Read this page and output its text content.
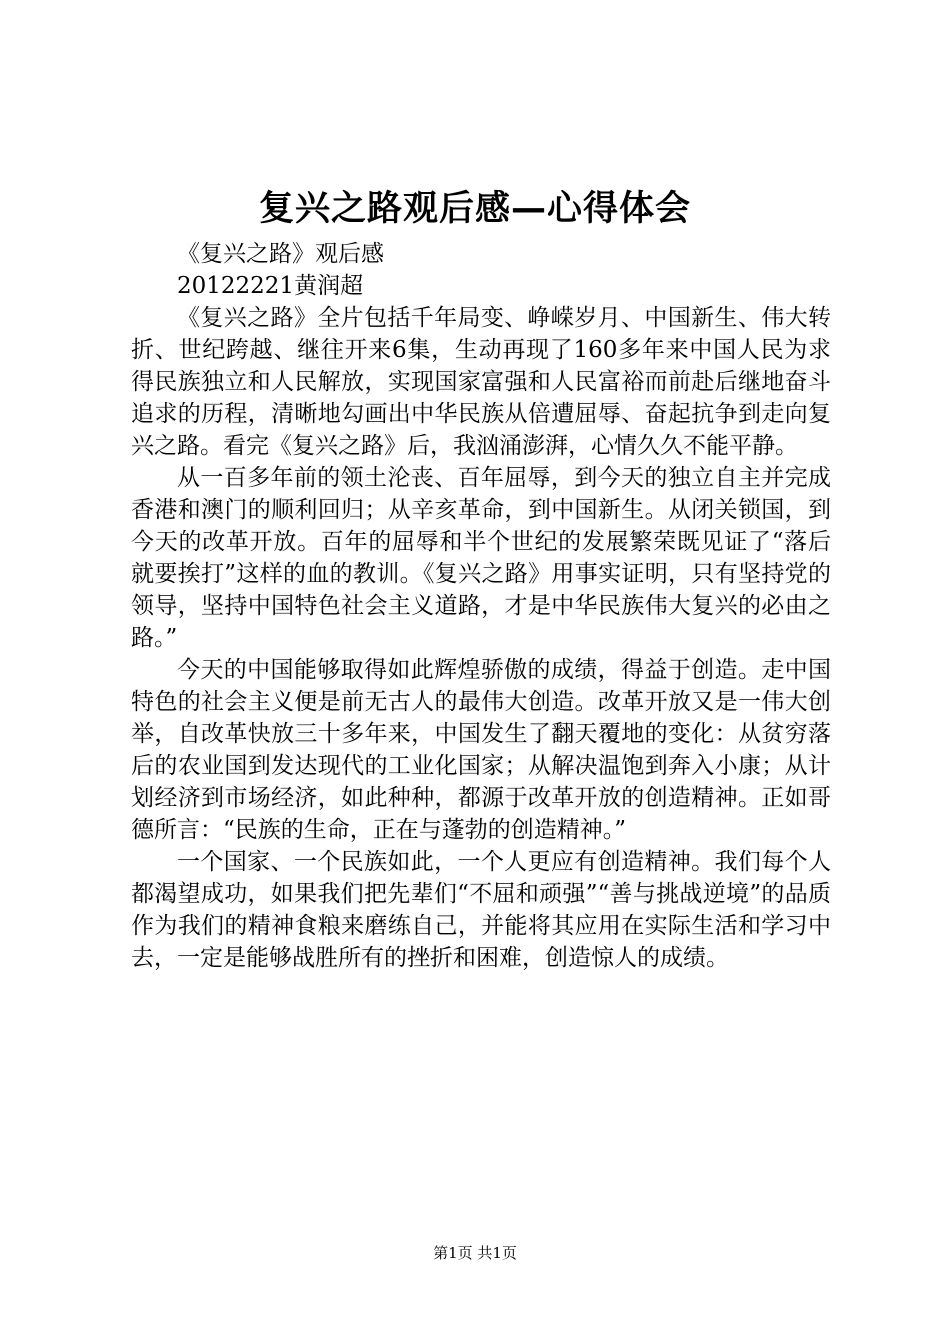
复兴之路观后感—心得体会

《复兴之路》观后感

20122221黄润超

《复兴之路》全片包括千年局变、峥嵘岁月、中国新生、伟大转折、世纪跨越、继往开来6集，生动再现了160多年来中国人民为求得民族独立和人民解放，实现国家富强和人民富裕而前赴后继地奋斗追求的历程，清晰地勾画出中华民族从倍遭屈辱、奋起抗争到走向复兴之路。看完《复兴之路》后，我汹涌澎湃，心情久久不能平静。

从一百多年前的领土沦丧、百年屈辱，到今天的独立自主并完成香港和澳门的顺利回归；从辛亥革命，到中国新生。从闭关锁国，到今天的改革开放。百年的屈辱和半个世纪的发展繁荣既见证了“落后就要挨打”这样的血的教训。《复兴之路》用事实证明，只有坚持党的领导，坚持中国特色社会主义道路，才是中华民族伟大复兴的必由之路。”

今天的中国能够取得如此辉煌骄傲的成绩，得益于创造。走中国特色的社会主义便是前无古人的最伟大创造。改革开放又是一伟大创举，自改革快放三十多年来，中国发生了翻天覆地的变化：从贫穷落后的农业国到发达现代的工业化国家；从解决温饱到奔入小康；从计划经济到市场经济，如此种种，都源于改革开放的创造精神。正如哥德所言：“民族的生命，正在与蓬勃的创造精神。”

一个国家、一个民族如此，一个人更应有创造精神。我们每个人都渴望成功，如果我们把先辈们“不屈和顽强”“善与挑战逆境”的品质作为我们的精神食粮来磨练自己，并能将其应用在实际生活和学习中去，一定是能够战胜所有的挫折和困难，创造惊人的成绩。

第1页 共1页
